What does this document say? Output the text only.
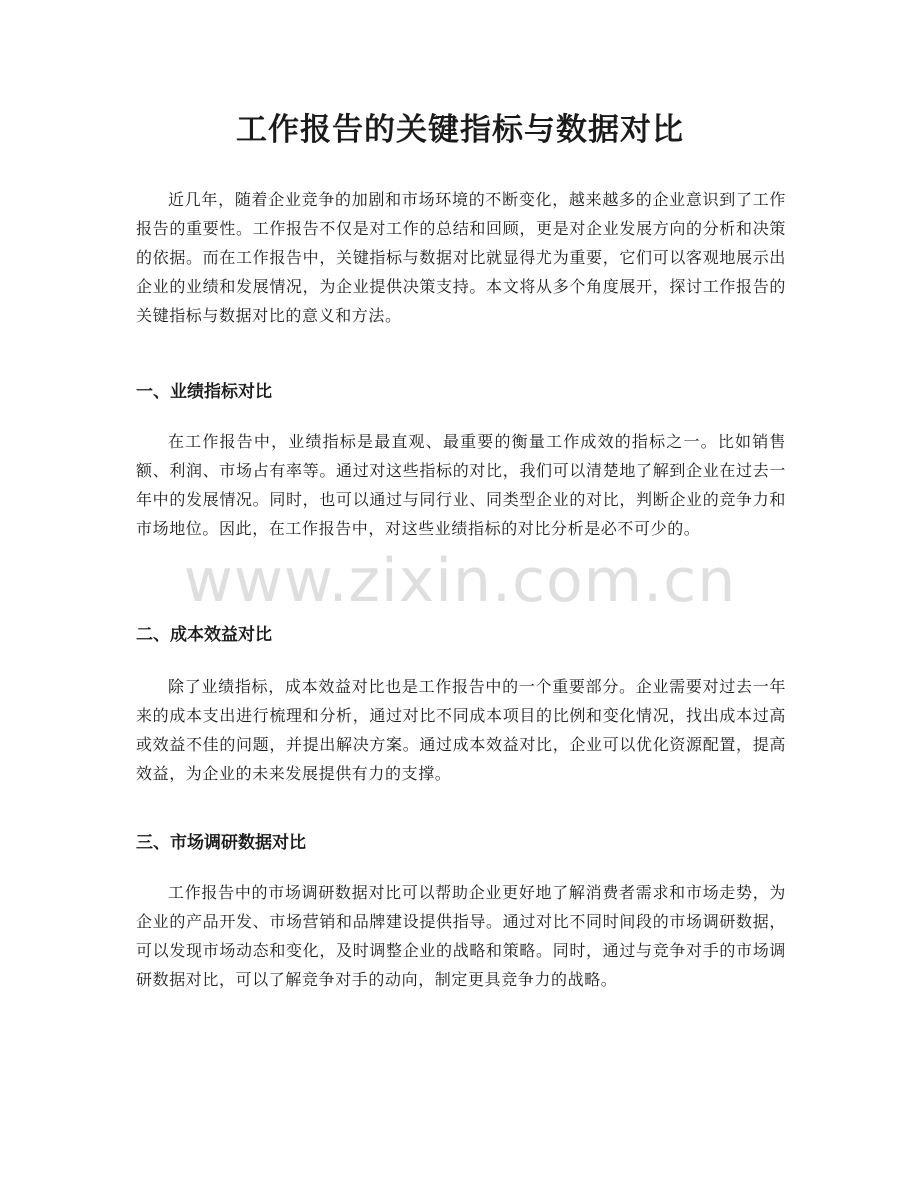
工作报告的关键指标与数据对比
近几年，随着企业竞争的加剧和市场环境的不断变化，越来越多的企业意识到了工作报告的重要性。工作报告不仅是对工作的总结和回顾，更是对企业发展方向的分析和决策的依据。而在工作报告中，关键指标与数据对比就显得尤为重要，它们可以客观地展示出企业的业绩和发展情况，为企业提供决策支持。本文将从多个角度展开，探讨工作报告的关键指标与数据对比的意义和方法。
一、业绩指标对比
在工作报告中，业绩指标是最直观、最重要的衡量工作成效的指标之一。比如销售额、利润、市场占有率等。通过对这些指标的对比，我们可以清楚地了解到企业在过去一年中的发展情况。同时，也可以通过与同行业、同类型企业的对比，判断企业的竞争力和市场地位。因此，在工作报告中，对这些业绩指标的对比分析是必不可少的。
二、成本效益对比
除了业绩指标，成本效益对比也是工作报告中的一个重要部分。企业需要对过去一年来的成本支出进行梳理和分析，通过对比不同成本项目的比例和变化情况，找出成本过高或效益不佳的问题，并提出解决方案。通过成本效益对比，企业可以优化资源配置，提高效益，为企业的未来发展提供有力的支撑。
三、市场调研数据对比
工作报告中的市场调研数据对比可以帮助企业更好地了解消费者需求和市场走势，为企业的产品开发、市场营销和品牌建设提供指导。通过对比不同时间段的市场调研数据，可以发现市场动态和变化，及时调整企业的战略和策略。同时，通过与竞争对手的市场调研数据对比，可以了解竞争对手的动向，制定更具竞争力的战略。
www.zixin.com.cn
